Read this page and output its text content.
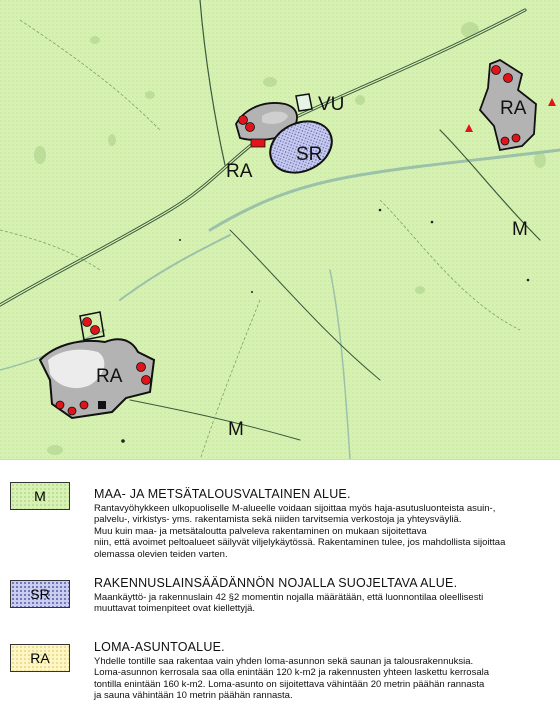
VU
RA
SR
RA
RA
M
M
M	MAA- JA METSÄTALOUSVALTAINEN ALUE.
Rantavyöhykkeen ulkopuoliselle M-alueelle voidaan sijoittaa myös haja-asutusluonteista asuin-,
palvelu-, virkistys- yms. rakentamista sekä niiden tarvitsemia verkostoja ja yhteysväyliä.
Muu kuin maa- ja metsätaloutta palveleva rakentaminen on mukaan sijoitettava
niin, että avoimet peltoalueet säilyvät viljelykäytössä. Rakentaminen tulee, jos mahdollista sijoittaa
olemassa olevien teiden varten.
SR
RAKENNUSLAINSÄÄDÄNNÖN NOJALLA SUOJELTAVA ALUE.
Maankäyttö- ja rakennuslain 42 §2 momentin nojalla määrätään, että luonnontilaa oleellisesti
muuttavat toimenpiteet ovat kiellettyjä.
RA
LOMA-ASUNTOALUE.
Yhdelle tontille saa rakentaa vain yhden loma-asunnon sekä saunan ja talousrakennuksia.
Loma-asunnon kerrosala saa olla enintään 120 k-m2 ja rakennusten yhteen laskettu kerrosala
tontilla enintään 160 k-m2. Loma-asunto on sijoitettava vähintään 20 metrin päähän rannasta
ja sauna vähintään 10 metrin päähän rannasta.
